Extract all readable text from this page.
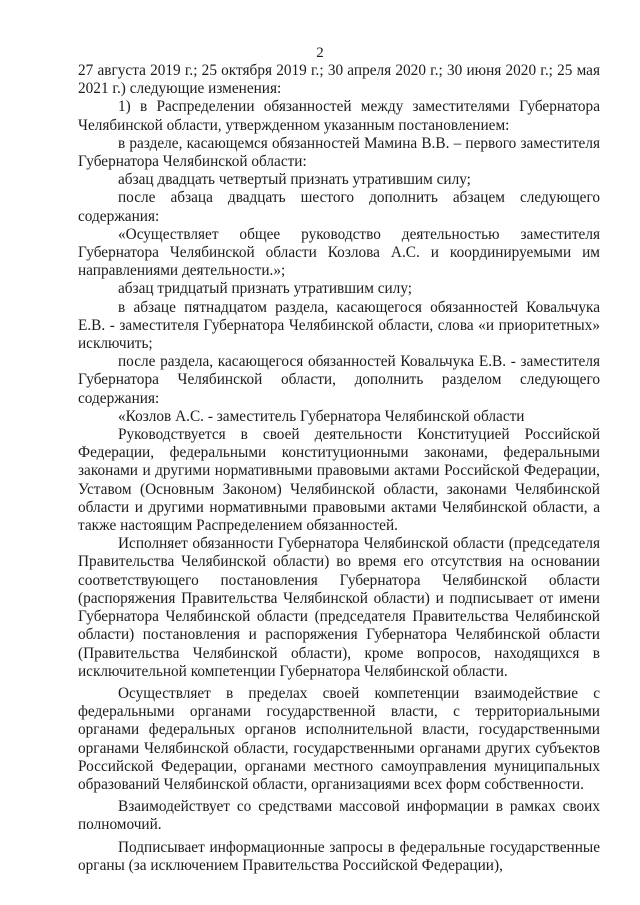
2

27 августа 2019 г.; 25 октября 2019 г.; 30 апреля 2020 г.; 30 июня 2020 г.; 25 мая 2021 г.) следующие изменения:

1) в Распределении обязанностей между заместителями Губернатора Челябинской области, утвержденном указанным постановлением:

в разделе, касающемся обязанностей Мамина В.В. – первого заместителя Губернатора Челябинской области:

абзац двадцать четвертый признать утратившим силу;

после абзаца двадцать шестого дополнить абзацем следующего содержания:

«Осуществляет общее руководство деятельностью заместителя Губернатора Челябинской области Козлова А.С. и координируемыми им направлениями деятельности.»;

абзац тридцатый признать утратившим силу;

в абзаце пятнадцатом раздела, касающегося обязанностей Ковальчука Е.В. - заместителя Губернатора Челябинской области, слова «и приоритетных» исключить;

после раздела, касающегося обязанностей Ковальчука Е.В. - заместителя Губернатора Челябинской области, дополнить разделом следующего содержания:

«Козлов А.С. - заместитель Губернатора Челябинской области

Руководствуется в своей деятельности Конституцией Российской Федерации, федеральными конституционными законами, федеральными законами и другими нормативными правовыми актами Российской Федерации, Уставом (Основным Законом) Челябинской области, законами Челябинской области и другими нормативными правовыми актами Челябинской области, а также настоящим Распределением обязанностей.

Исполняет обязанности Губернатора Челябинской области (председателя Правительства Челябинской области) во время его отсутствия на основании соответствующего постановления Губернатора Челябинской области (распоряжения Правительства Челябинской области) и подписывает от имени Губернатора Челябинской области (председателя Правительства Челябинской области) постановления и распоряжения Губернатора Челябинской области (Правительства Челябинской области), кроме вопросов, находящихся в исключительной компетенции Губернатора Челябинской области.

Осуществляет в пределах своей компетенции взаимодействие с федеральными органами государственной власти, с территориальными органами федеральных органов исполнительной власти, государственными органами Челябинской области, государственными органами других субъектов Российской Федерации, органами местного самоуправления муниципальных образований Челябинской области, организациями всех форм собственности.

Взаимодействует со средствами массовой информации в рамках своих полномочий.

Подписывает информационные запросы в федеральные государственные органы (за исключением Правительства Российской Федерации),
